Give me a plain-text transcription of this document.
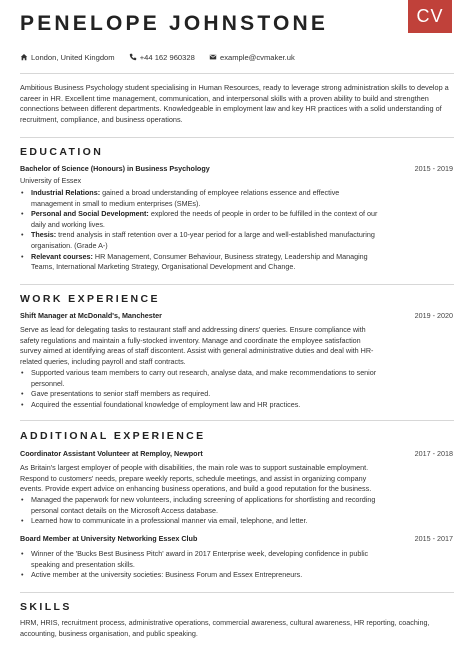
PENELOPE JOHNSTONE	CV
London, United Kingdom	+44 162 960328	example@cvmaker.uk
Ambitious Business Psychology student specialising in Human Resources, ready to leverage strong administration skills to develop a career in HR. Excellent time management, communication, and interpersonal skills with a proven ability to build and strengthen connections between different departments. Knowledgeable in employment law and key HR practices with a solid understanding of recruitment, compliance, and business operations.
EDUCATION
Bachelor of Science (Honours) in Business Psychology	2015 - 2019
University of Essex
• Industrial Relations: gained a broad understanding of employee relations essence and effective management in small to medium enterprises (SMEs).
• Personal and Social Development: explored the needs of people in order to be fulfilled in the context of our daily and working lives.
• Thesis: trend analysis in staff retention over a 10-year period for a large and well-established manufacturing organisation. (Grade A-)
• Relevant courses: HR Management, Consumer Behaviour, Business strategy, Leadership and Managing Teams, International Marketing Strategy, Organisational Development and Change.
WORK EXPERIENCE
Shift Manager at McDonald's, Manchester	2019 - 2020
Serve as lead for delegating tasks to restaurant staff and addressing diners' queries. Ensure compliance with safety regulations and maintain a fully-stocked inventory. Manage and coordinate the employee satisfaction survey aimed at identifying areas of staff discontent. Assist with general administrative duties and deal with HR-related queries, including payroll and staff contracts.
• Supported various team members to carry out research, analyse data, and make recommendations to senior personnel.
• Gave presentations to senior staff members as required.
• Acquired the essential foundational knowledge of employment law and HR practices.
ADDITIONAL EXPERIENCE
Coordinator Assistant Volunteer at Remploy, Newport	2017 - 2018
As Britain's largest employer of people with disabilities, the main role was to support sustainable employment. Respond to customers' needs, prepare weekly reports, schedule meetings, and assist in organizing company events. Provide expert advice on enhancing business operations, and build a good reputation for the business.
• Managed the paperwork for new volunteers, including screening of applications for shortlisting and recording personal contact details on the Microsoft Access database.
• Learned how to communicate in a professional manner via email, telephone, and letter.
Board Member at University Networking Essex Club	2015 - 2017
• Winner of the 'Bucks Best Business Pitch' award in 2017 Enterprise week, developing confidence in public speaking and presentation skills.
• Active member at the university societies: Business Forum and Essex Entrepreneurs.
SKILLS
HRM, HRIS, recruitment process, administrative operations, commercial awareness, cultural awareness, HR reporting, coaching, accounting, business organisation, and public speaking.
